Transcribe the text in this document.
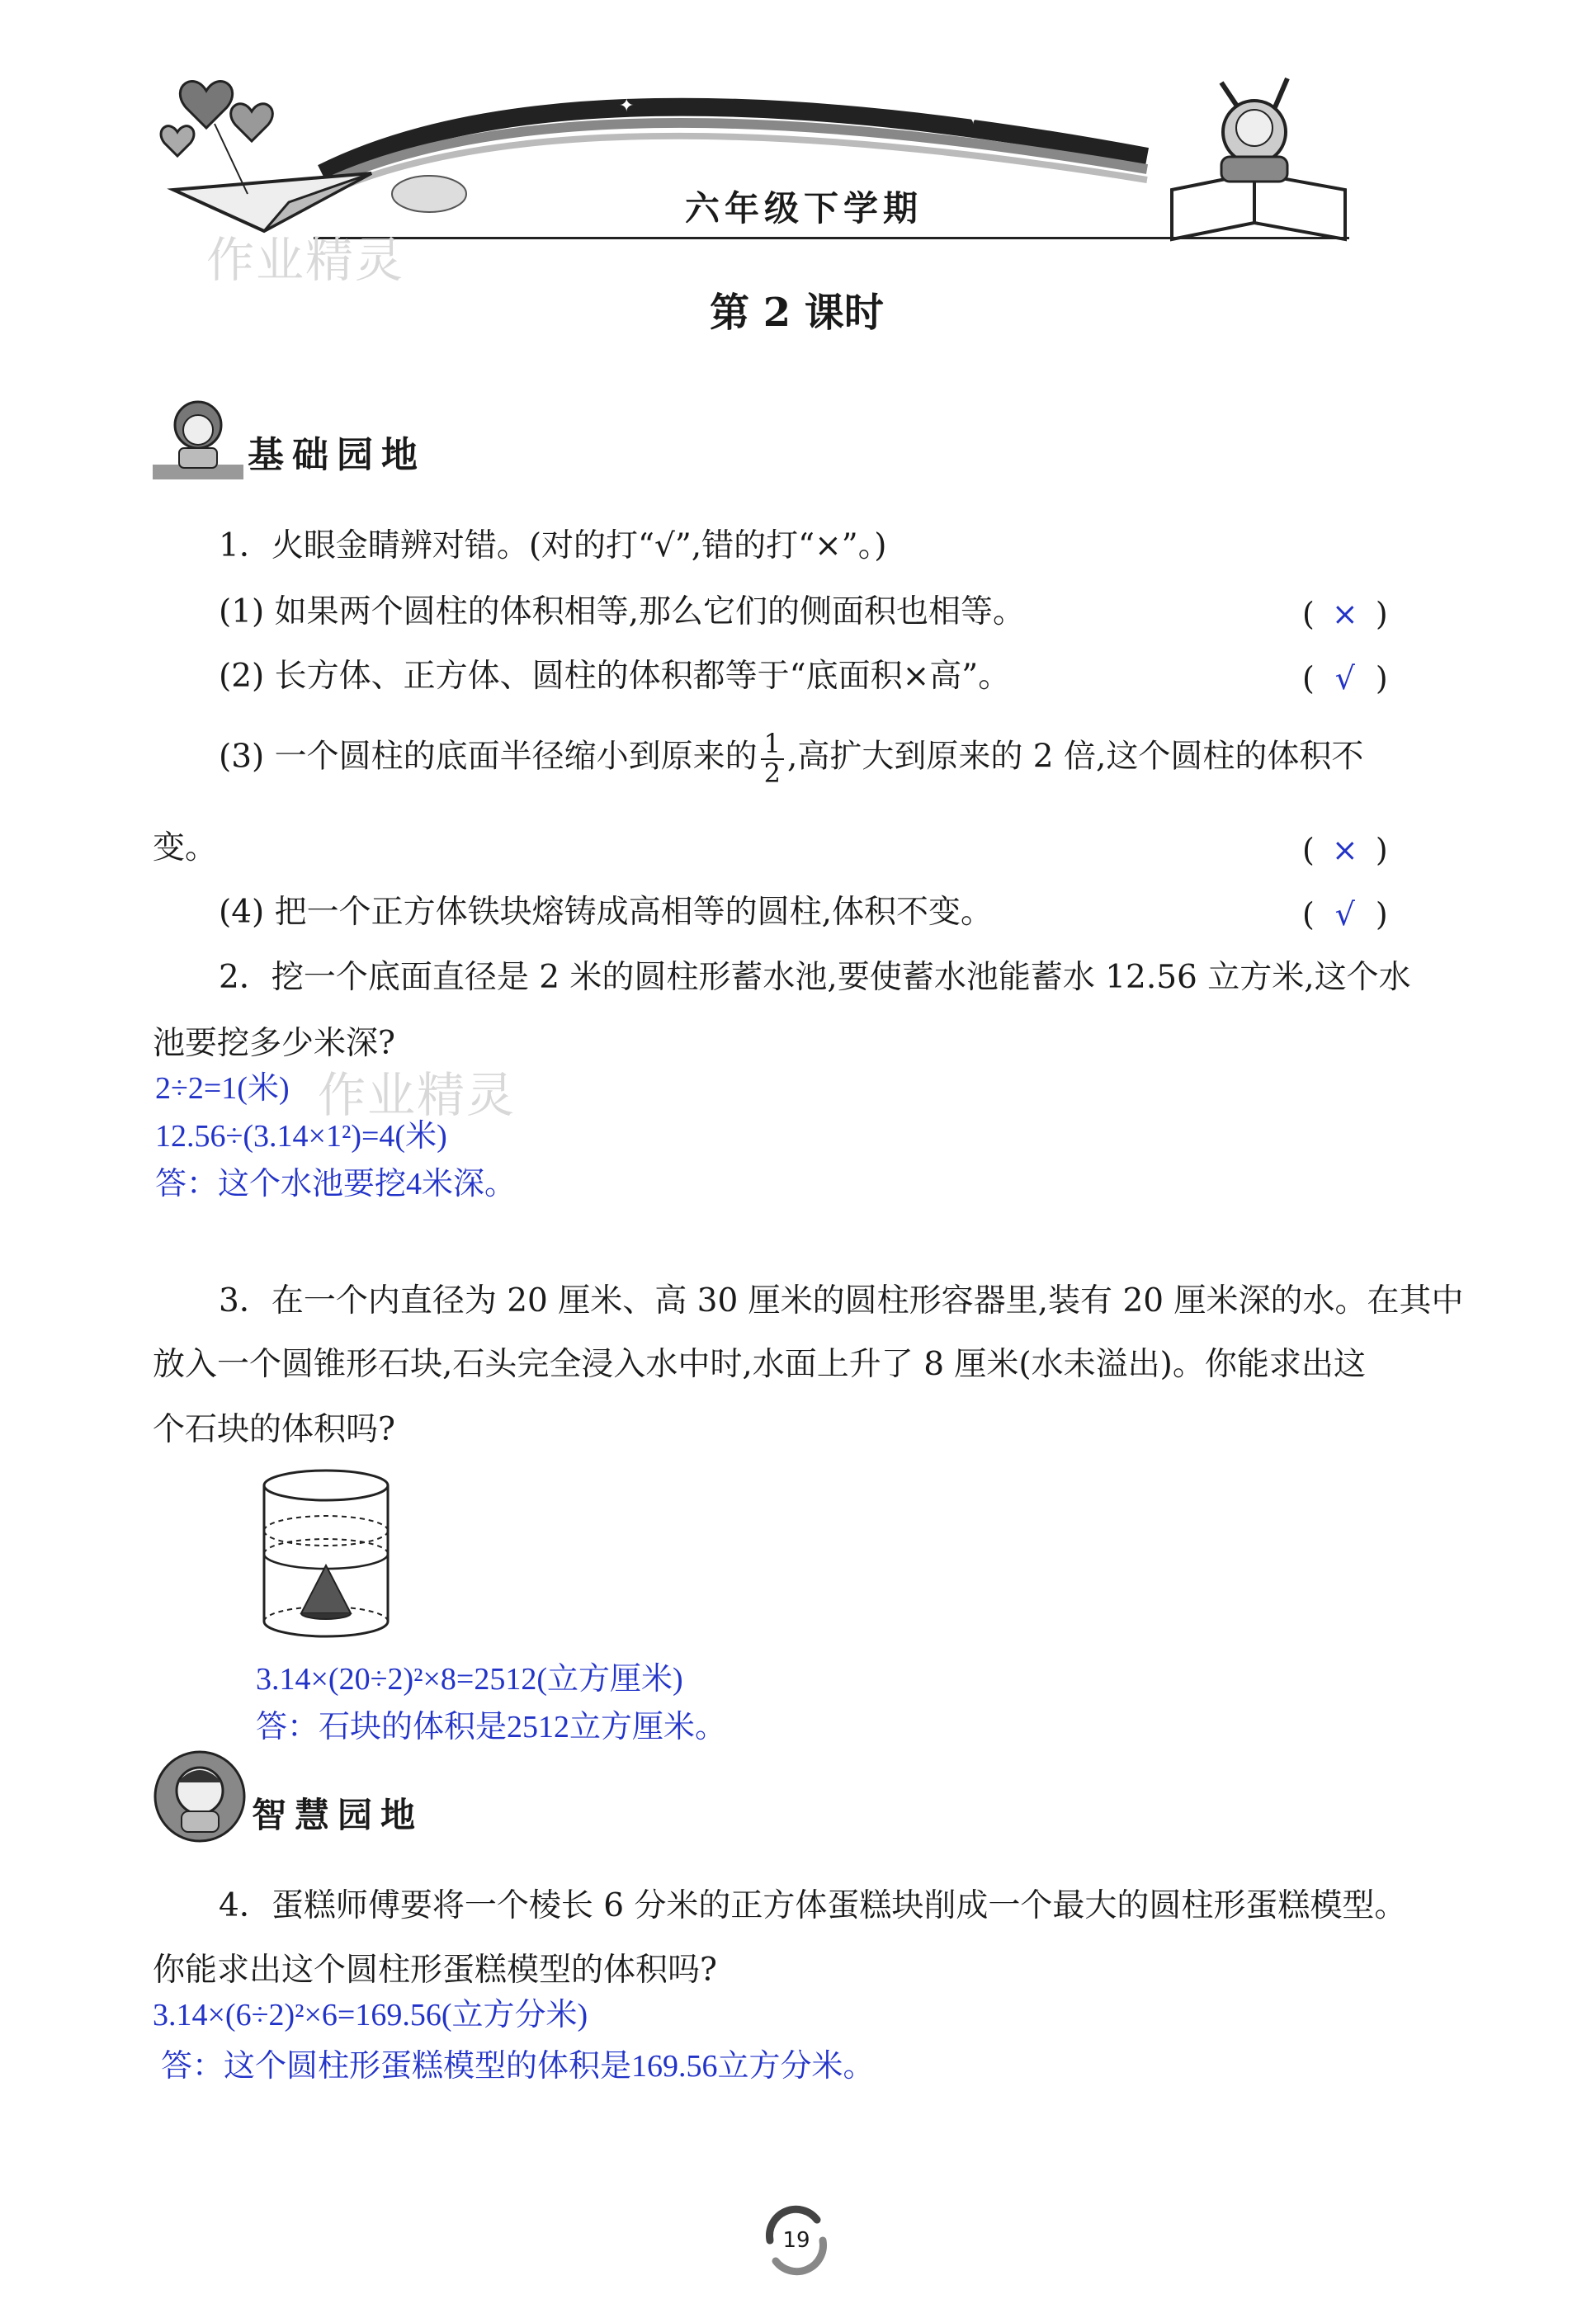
✦
✦
六年级下学期
作业精灵
第 2 课时
基础园地
1．火眼金睛辨对错。(对的打“√”,错的打“×”。)
(1) 如果两个圆柱的体积相等,那么它们的侧面积也相等。	( × )
(2) 长方体、正方体、圆柱的体积都等于“底面积×高”。	( √ )
(3) 一个圆柱的底面半径缩小到原来的 $\frac{1}{2}$ ,高扩大到原来的 2 倍,这个圆柱的体积不
变。	( × )
(4) 把一个正方体铁块熔铸成高相等的圆柱,体积不变。	( √ )
2．挖一个底面直径是 2 米的圆柱形蓄水池,要使蓄水池能蓄水 12.56 立方米,这个水
池要挖多少米深?
2÷2=1(米)
12.56÷(3.14×1²)=4(米)
答：这个水池要挖4米深。
作业精灵
3．在一个内直径为 20 厘米、高 30 厘米的圆柱形容器里,装有 20 厘米深的水。在其中
放入一个圆锥形石块,石头完全浸入水中时,水面上升了 8 厘米(水未溢出)。你能求出这
个石块的体积吗?
3.14×(20÷2)²×8=2512(立方厘米)
答：石块的体积是2512立方厘米。
智慧园地
4．蛋糕师傅要将一个棱长 6 分米的正方体蛋糕块削成一个最大的圆柱形蛋糕模型。
你能求出这个圆柱形蛋糕模型的体积吗?
3.14×(6÷2)²×6=169.56(立方分米)
答：这个圆柱形蛋糕模型的体积是169.56立方分米。
19
